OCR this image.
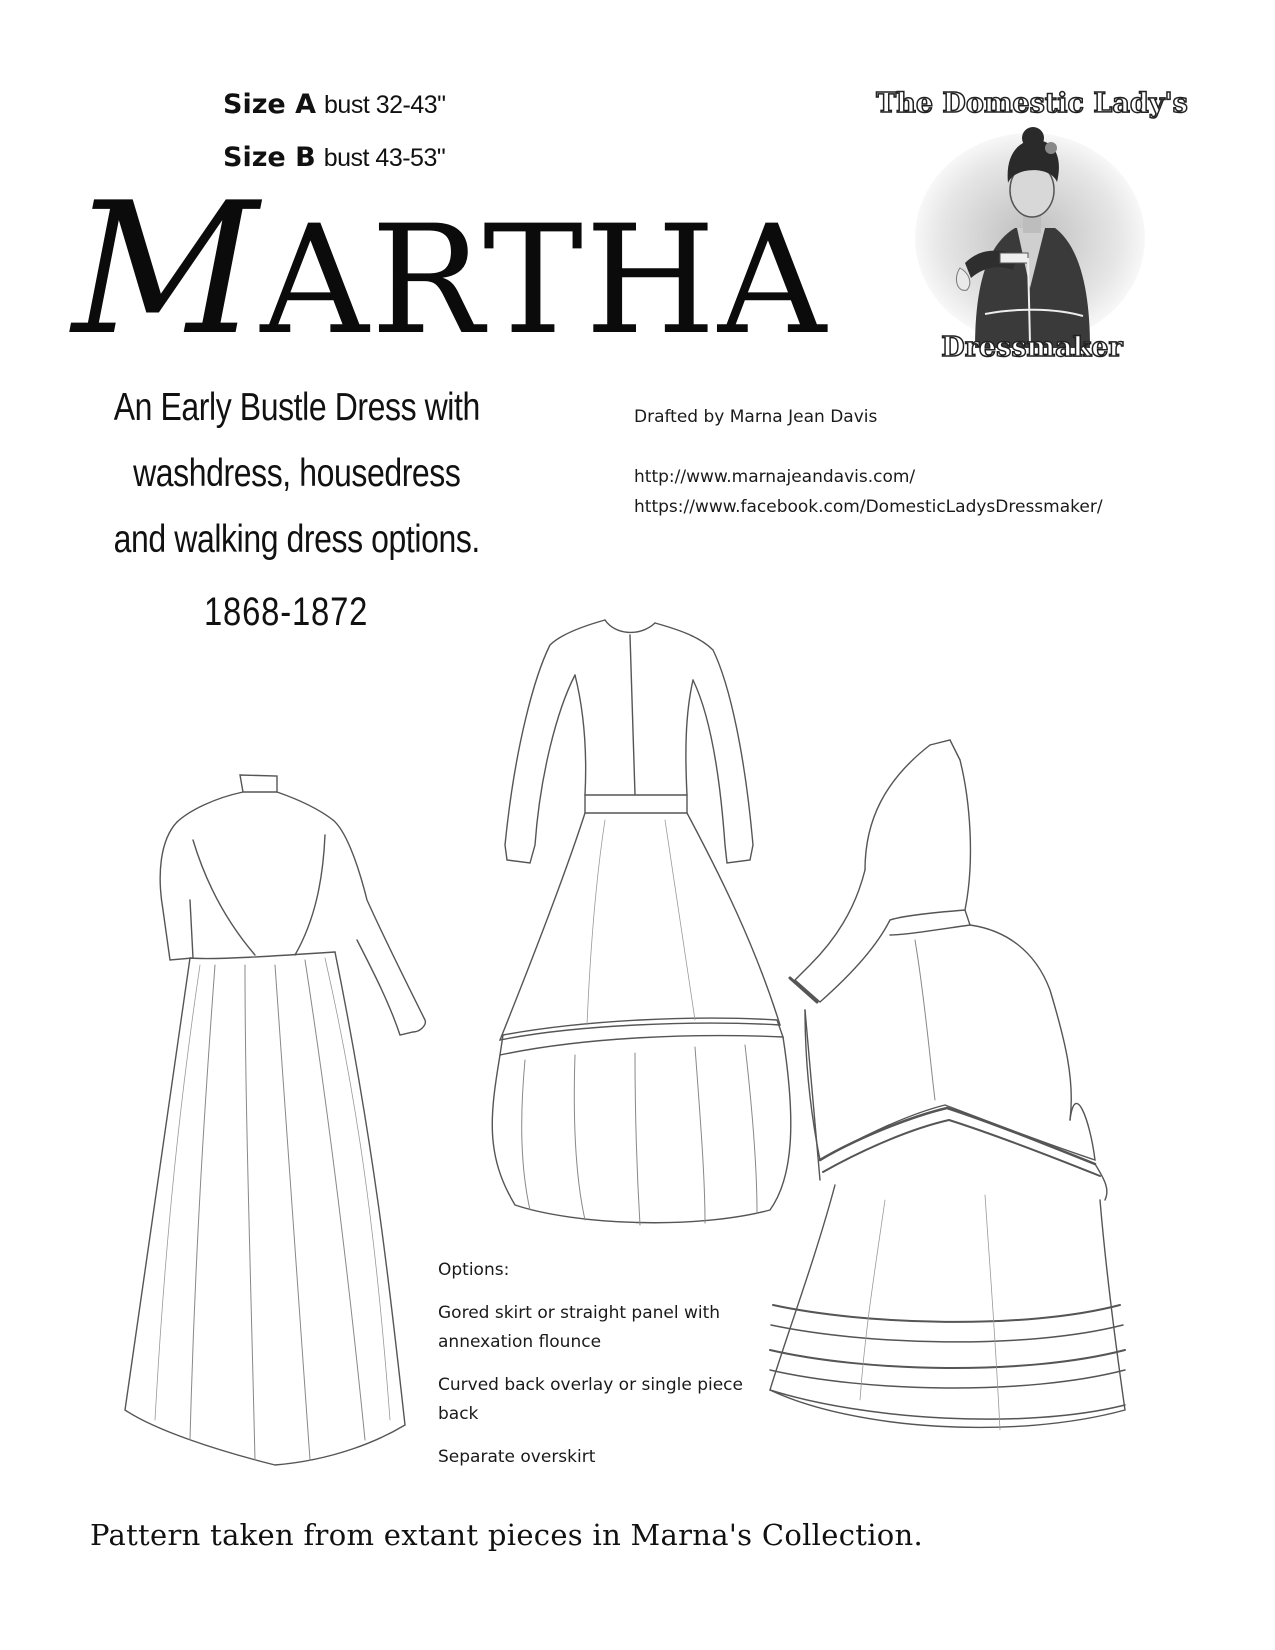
Size A bust 32-43"
Size B bust 43-53"
MARTHA
An Early Bustle Dress with
washdress, housedress
and walking dress options.
1868-1872
Drafted by Marna Jean Davis
http://www.marnajeandavis.com/
https://www.facebook.com/DomesticLadysDressmaker/
The Domestic Lady's
Dressmaker

Options:

Gored skirt or straight panel with annexation flounce

Curved back overlay or single piece back

Separate overskirt

Pattern taken from extant pieces in Marna's Collection.
